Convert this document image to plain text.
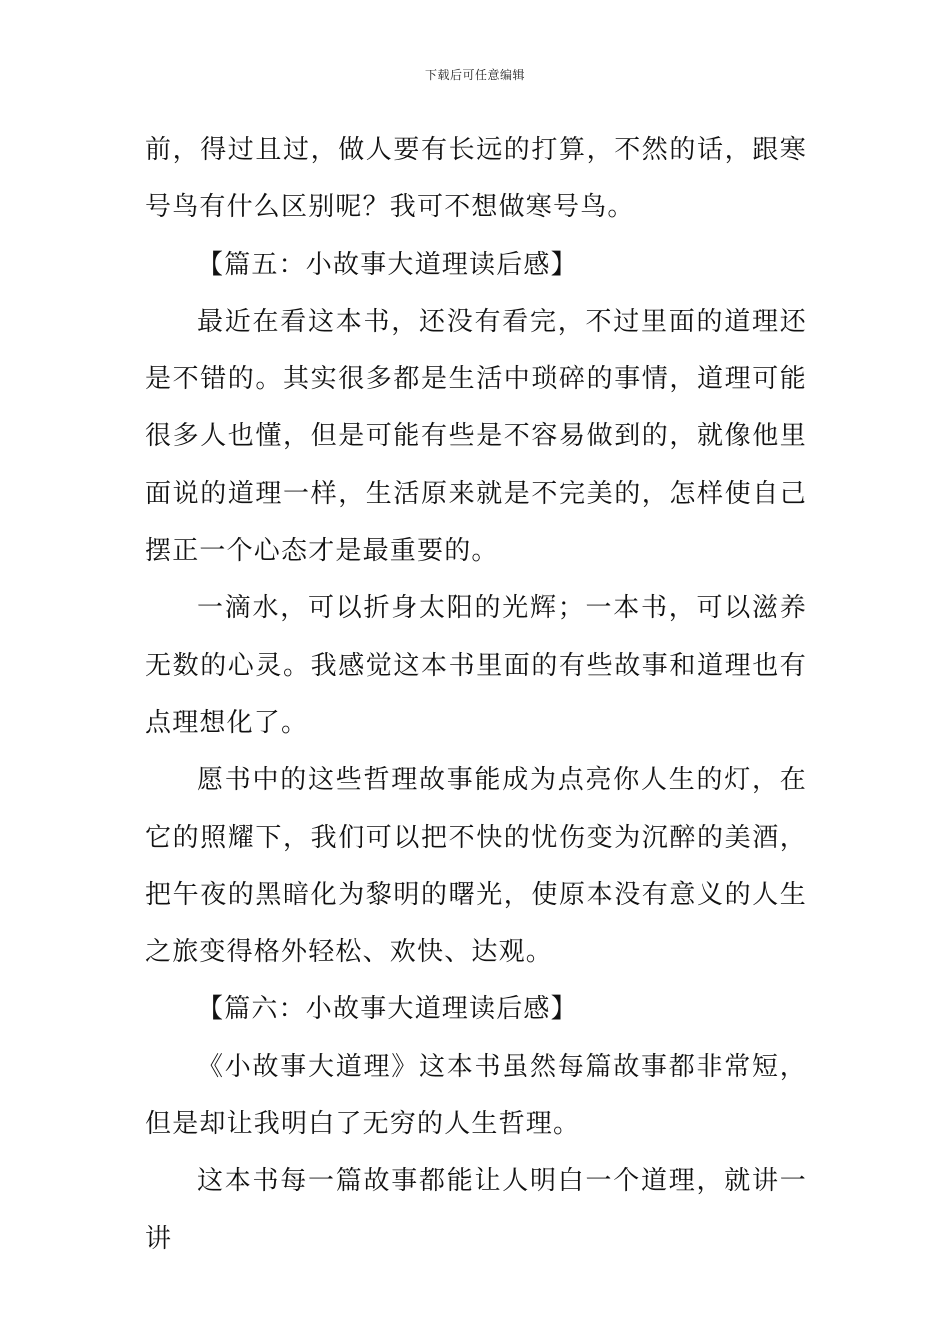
下载后可任意编辑

前，得过且过，做人要有长远的打算，不然的话，跟寒号鸟有什么区别呢？我可不想做寒号鸟。

【篇五：小故事大道理读后感】

最近在看这本书，还没有看完，不过里面的道理还是不错的。其实很多都是生活中琐碎的事情，道理可能很多人也懂，但是可能有些是不容易做到的，就像他里面说的道理一样，生活原来就是不完美的，怎样使自己摆正一个心态才是最重要的。

一滴水，可以折身太阳的光辉；一本书，可以滋养无数的心灵。我感觉这本书里面的有些故事和道理也有点理想化了。

愿书中的这些哲理故事能成为点亮你人生的灯，在它的照耀下，我们可以把不快的忧伤变为沉醉的美酒，把午夜的黑暗化为黎明的曙光，使原本没有意义的人生之旅变得格外轻松、欢快、达观。

【篇六：小故事大道理读后感】

《小故事大道理》这本书虽然每篇故事都非常短，但是却让我明白了无穷的人生哲理。

这本书每一篇故事都能让人明白一个道理，就讲一讲
